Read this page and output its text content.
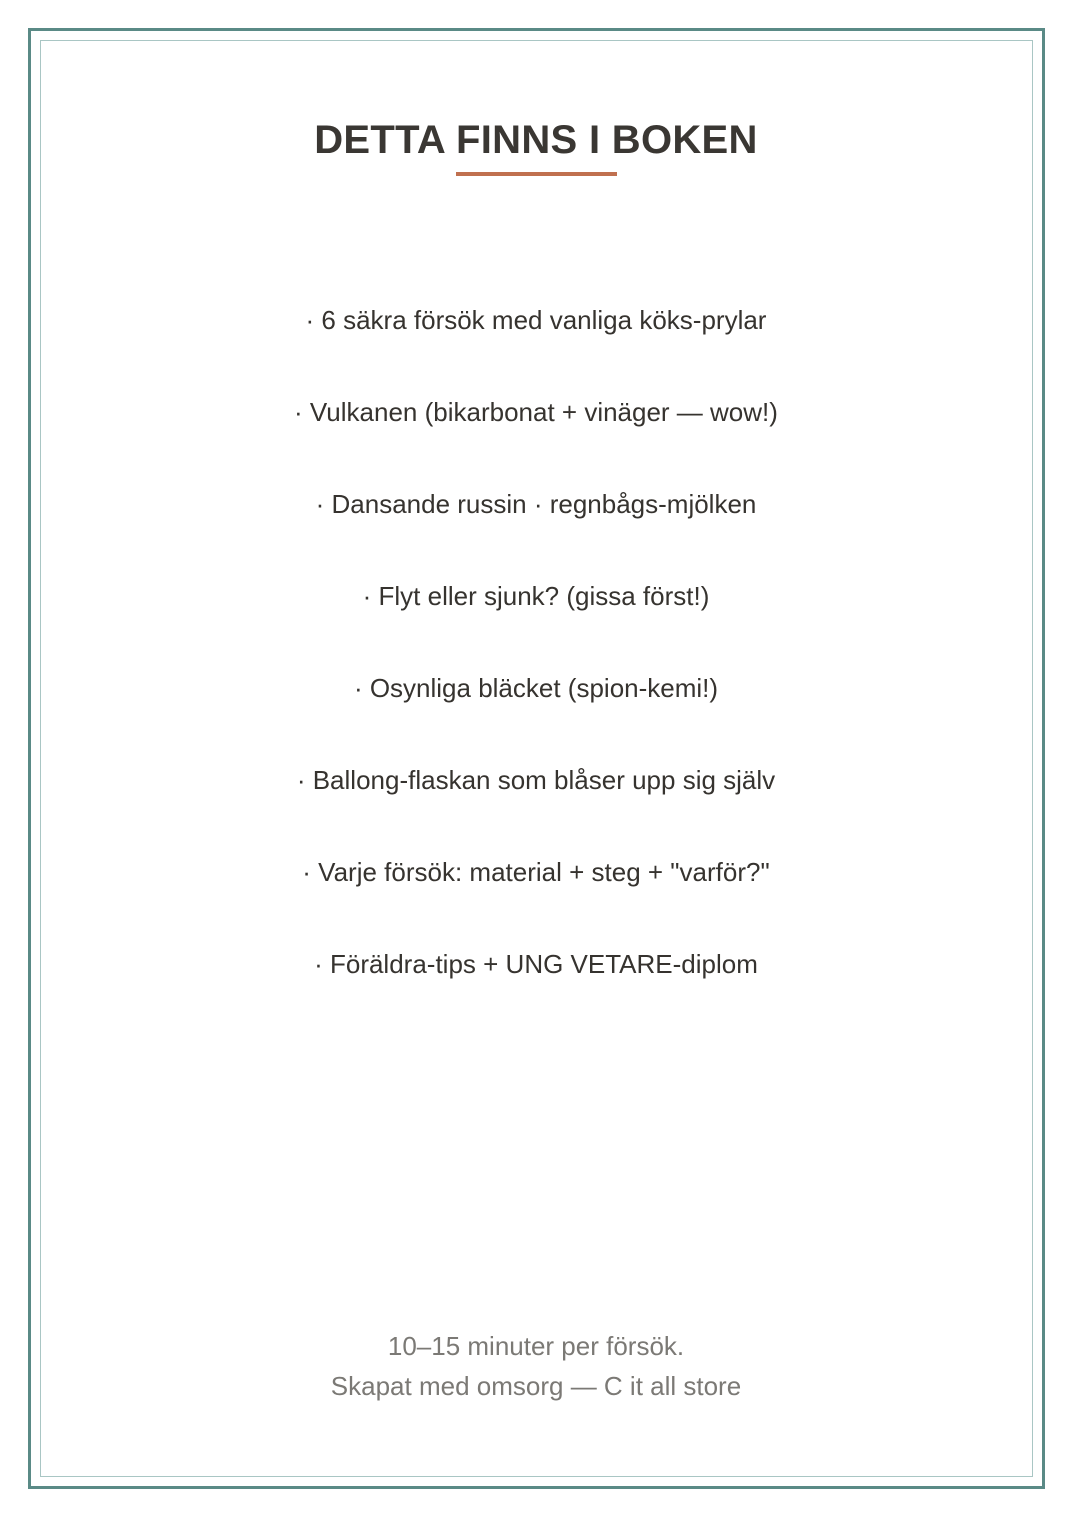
DETTA FINNS I BOKEN
· 6 säkra försök med vanliga köks-prylar
· Vulkanen (bikarbonat + vinäger — wow!)
· Dansande russin · regnbågs-mjölken
· Flyt eller sjunk? (gissa först!)
· Osynliga bläcket (spion-kemi!)
· Ballong-flaskan som blåser upp sig själv
· Varje försök: material + steg + "varför?"
· Föräldra-tips + UNG VETARE-diplom
10–15 minuter per försök.
Skapat med omsorg — C it all store
